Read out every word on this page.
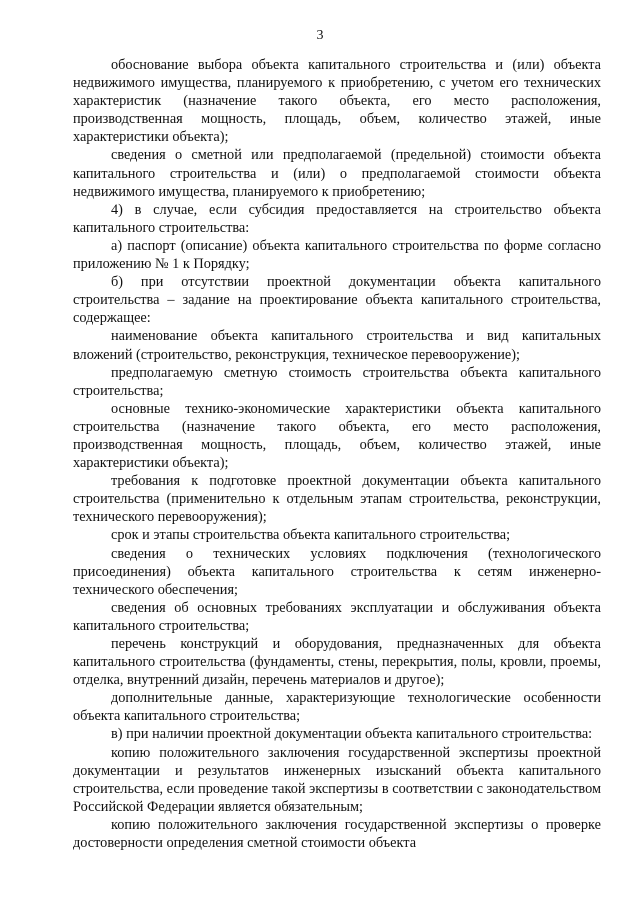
3

обоснование выбора объекта капитального строительства и (или) объекта недвижимого имущества, планируемого к приобретению, с учетом его технических характеристик (назначение такого объекта, его место расположения, производственная мощность, площадь, объем, количество этажей, иные характеристики объекта);

сведения о сметной или предполагаемой (предельной) стоимости объекта капитального строительства и (или) о предполагаемой стоимости объекта недвижимого имущества, планируемого к приобретению;

4) в случае, если субсидия предоставляется на строительство объекта капитального строительства:

а) паспорт (описание) объекта капитального строительства по форме согласно приложению № 1 к Порядку;

б) при отсутствии проектной документации объекта капитального строительства – задание на проектирование объекта капитального строительства, содержащее:

наименование объекта капитального строительства и вид капитальных вложений (строительство, реконструкция, техническое перевооружение);

предполагаемую сметную стоимость строительства объекта капитального строительства;

основные технико-экономические характеристики объекта капитального строительства (назначение такого объекта, его место расположения, производственная мощность, площадь, объем, количество этажей, иные характеристики объекта);

требования к подготовке проектной документации объекта капитального строительства (применительно к отдельным этапам строительства, реконструкции, технического перевооружения);

срок и этапы строительства объекта капитального строительства;

сведения о технических условиях подключения (технологического присоединения) объекта капитального строительства к сетям инженерно-технического обеспечения;

сведения об основных требованиях эксплуатации и обслуживания объекта капитального строительства;

перечень конструкций и оборудования, предназначенных для объекта капитального строительства (фундаменты, стены, перекрытия, полы, кровли, проемы, отделка, внутренний дизайн, перечень материалов и другое);

дополнительные данные, характеризующие технологические особенности объекта капитального строительства;

в) при наличии проектной документации объекта капитального строительства:

копию положительного заключения государственной экспертизы проектной документации и результатов инженерных изысканий объекта капитального строительства, если проведение такой экспертизы в соответствии с законодательством Российской Федерации является обязательным;

копию положительного заключения государственной экспертизы о проверке достоверности определения сметной стоимости объекта
